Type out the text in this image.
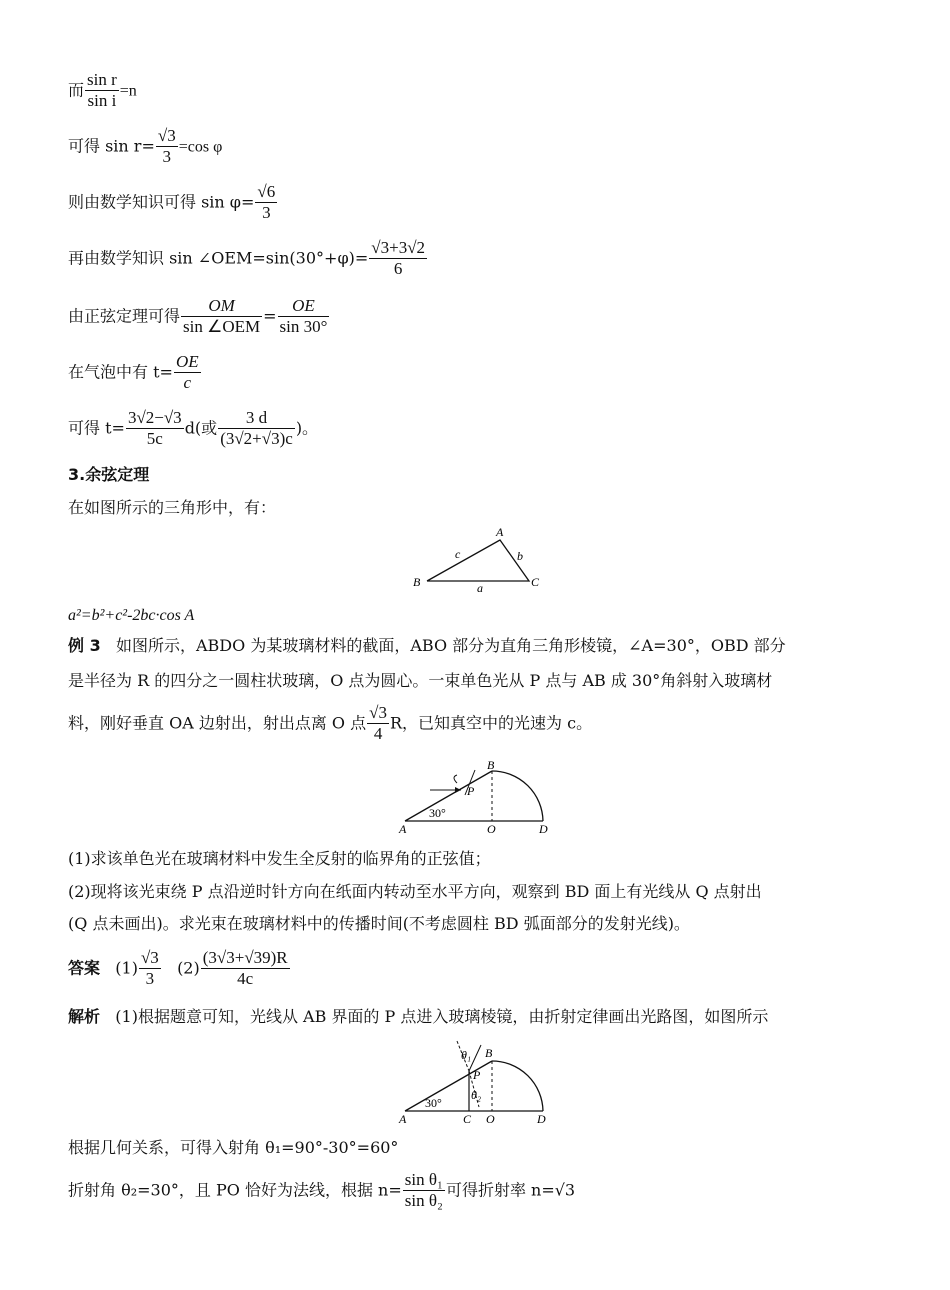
而 $\frac{\text{sin r}}{\text{sin i}} =n$
可得 $\sin r= \frac{√3}{3} =\cos$ φ
则由数学知识可得 $\sin \varphi= \frac{√6}{3}$
再由数学知识 sin ∠OEM=sin(30°+φ)= $\frac{√3+3√2}{6}$
由正弦定理可得 $\frac{OM}{\text{sin ∠OEM}} = \frac{OE}{\sin 30^\circ}$
在气泡中有 $t= \frac{OE}{c}$
可得 $t= \frac{3√2-√3}{5c} d$(或 $\frac{3 d}{(3√2+√3)c}$ )。
3.余弦定理
在如图所示的三角形中，有：
A
B	C
c	b
a
a²=b²+c²-2bc·cos A
例 3 如图所示，ABDO 为某玻璃材料的截面，ABO 部分为直角三角形棱镜，∠A=30°，OBD 部分
是半径为 R 的四分之一圆柱状玻璃，O 点为圆心。一束单色光从 P 点与 AB 成 30°角斜射入玻璃材
料，刚好垂直 OA 边射出，射出点离 O 点 $\frac{√3}{4}$ R，已知真空中的光速为 c。
B
P
30°
A	O	D
(1)求该单色光在玻璃材料中发生全反射的临界角的正弦值；
(2)现将该光束绕 P 点沿逆时针方向在纸面内转动至水平方向，观察到 BD 面上有光线从 Q 点射出
(Q 点未画出)。求光束在玻璃材料中的传播时间(不考虑圆柱 BD 弧面部分的发射光线)。
答案 $(1) \frac{√3}{3} (2) \frac{(3√3+√39)R}{4c}$
解析 (1)根据题意可知，光线从 AB 界面的 P 点进入玻璃棱镜，由折射定律画出光路图，如图所示
θ₁ B
P
θ₂
30°
A	C O	D
根据几何关系，可得入射角 θ₁=90°-30°=60°
折射角 θ₂=30°，且 PO 恰好为法线，根据 $n= \frac{\text{sin θ₁}}{\text{sin θ₂}}$ 可得折射率 n=√3
